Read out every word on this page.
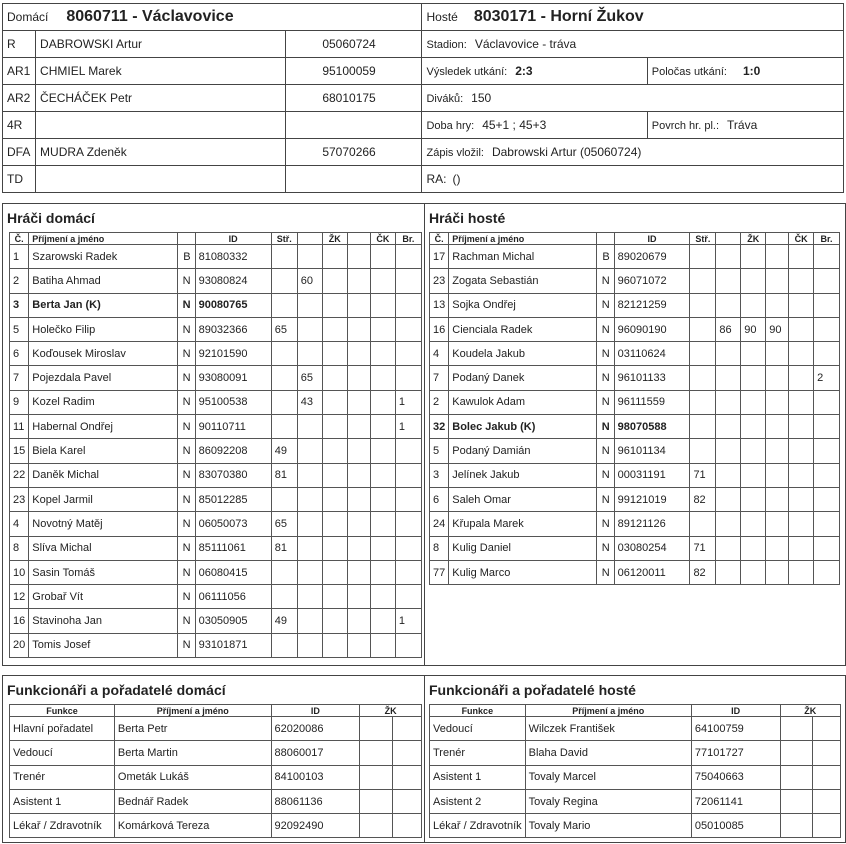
Domácí 8060711 - Václavovice			Hosté 8030171 - Horní Žukov	
R	DABROWSKI Artur	05060724	Stadion: Václavovice - tráva	
AR1	CHMIEL Marek	95100059	Výsledek utkání: 2:3	Poločas utkání: 1:0
AR2	ČECHÁČEK Petr	68010175	Diváků: 150	
4R			Doba hry: 45+1 ; 45+3	Povrch hr. pl.: Tráva
DFA	MUDRA Zdeněk	57070266	Zápis vložil: Dabrowski Artur (05060724)	
TD			RA: ()	
Hráči domácí
Č.	Příjmení a jméno		ID	Stř.		ŽK		ČK	Br.
1	Szarowski Radek	B	81080332						
2	Batiha Ahmad	N	93080824		60				
3	Berta Jan (K)	N	90080765						
5	Holečko Filip	N	89032366	65					
6	Koďousek Miroslav	N	92101590						
7	Pojezdala Pavel	N	93080091		65				
9	Kozel Radim	N	95100538		43				1
11	Habernal Ondřej	N	90110711						1
15	Biela Karel	N	86092208	49					
22	Daněk Michal	N	83070380	81					
23	Kopel Jarmil	N	85012285						
4	Novotný Matěj	N	06050073	65					
8	Slíva Michal	N	85111061	81					
10	Sasin Tomáš	N	06080415						
12	Grobař Vít	N	06111056						
16	Stavinoha Jan	N	03050905	49					1
20	Tomis Josef	N	93101871						
Hráči hosté
Č.	Příjmení a jméno		ID	Stř.		ŽK		ČK	Br.
17	Rachman Michal	B	89020679						
23	Zogata Sebastián	N	96071072						
13	Sojka Ondřej	N	82121259						
16	Cienciala Radek	N	96090190		86	90	90		
4	Koudela Jakub	N	03110624						
7	Podaný Danek	N	96101133						2
2	Kawulok Adam	N	96111559						
32	Bolec Jakub (K)	N	98070588						
5	Podaný Damián	N	96101134						
3	Jelínek Jakub	N	00031191	71					
6	Saleh Omar	N	99121019	82					
24	Křupala Marek	N	89121126						
8	Kulig Daniel	N	03080254	71					
77	Kulig Marco	N	06120011	82					
Funkcionáři a pořadatelé domácí
Funkce	Příjmení a jméno	ID	ŽK	
Hlavní pořadatel	Berta Petr	62020086		
Vedoucí	Berta Martin	88060017		
Trenér	Ometák Lukáš	84100103		
Asistent 1	Bednář Radek	88061136		
Lékař / Zdravotník	Komárková Tereza	92092490		
Funkcionáři a pořadatelé hosté
Funkce	Příjmení a jméno	ID	ŽK	
Vedoucí	Wilczek František	64100759		
Trenér	Blaha David	77101727		
Asistent 1	Tovaly Marcel	75040663		
Asistent 2	Tovaly Regina	72061141		
Lékař / Zdravotník	Tovaly Mario	05010085		
